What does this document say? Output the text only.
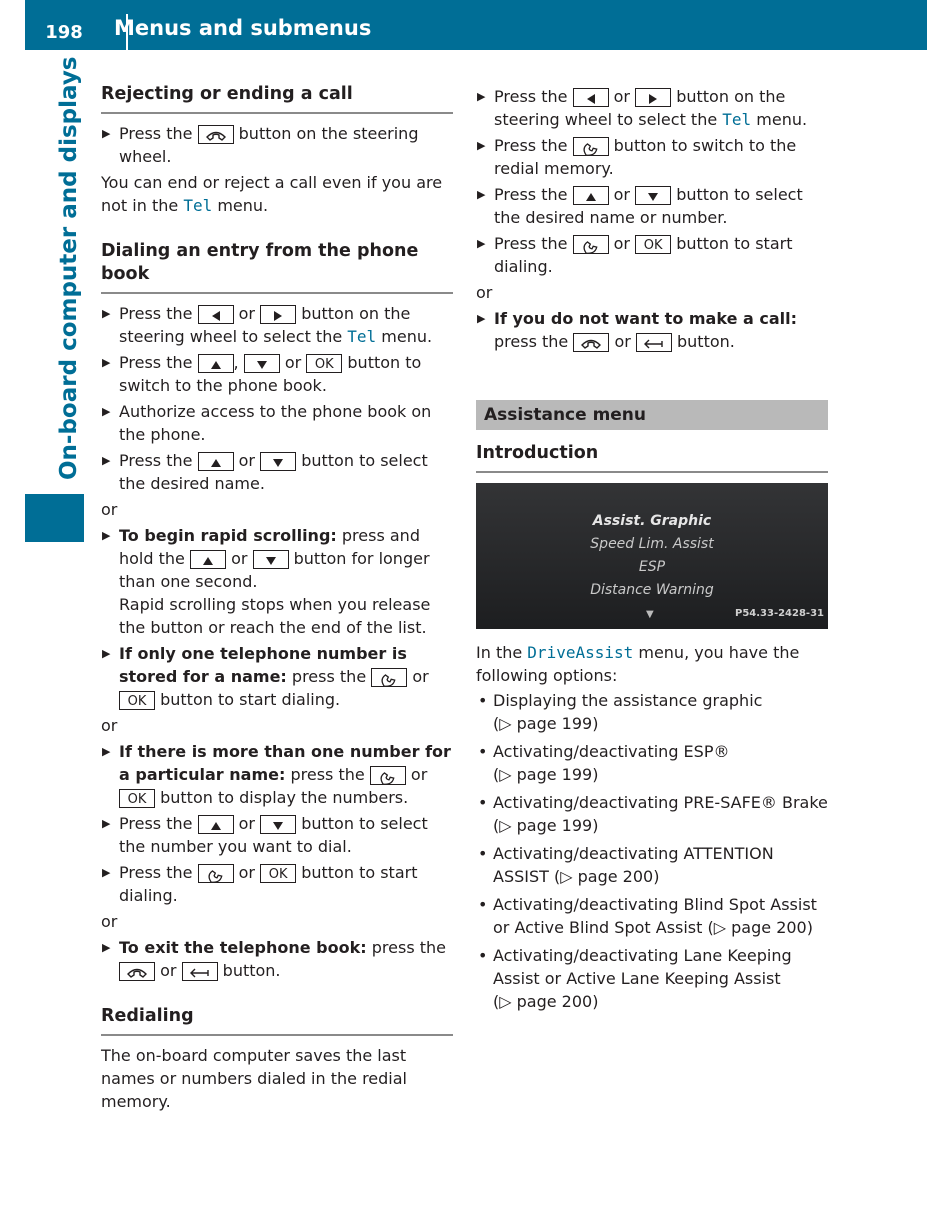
198	Menus and submenus
On-board computer and displays Rejecting or ending a call
▶ Press the	button on the steering wheel.

You can end or reject a call even if you are not in the Tel menu.

Dialing an entry from the phone book
▶ Press the	or	button on the steering wheel to select the Tel menu.
▶ Press the	,	or OK button to switch to the phone book.
▶ Authorize access to the phone book on the phone.
▶ Press the	or	button to select the desired name.
or
▶ To begin rapid scrolling: press and hold the	or	button for longer than one second.
Rapid scrolling stops when you release the button or reach the end of the list.
▶ If only one telephone number is stored for a name: press the	or OK button to start dialing.
or
▶ If there is more than one number for a particular name: press the	or OK button to display the numbers.
▶ Press the	or	button to select the number you want to dial.
▶ Press the	or OK button to start dialing.
or
▶ To exit the telephone book: press the  or	button.
Redialing

The on-board computer saves the last names or numbers dialed in the redial memory.

▶ Press the	or	button on the steering wheel to select the Tel menu.
▶ Press the	button to switch to the redial memory.
▶ Press the	or	button to select the desired name or number.
▶ Press the	or OK button to start dialing.
or
▶ If you do not want to make a call: press the	or	button.
Assistance menu
Introduction
Assist. Graphic
Speed Lim. Assist
ESP
Distance Warning
▼	P54.33-2428-31

In the DriveAssist menu, you have the following options:

• Displaying the assistance graphic
(▷ page 199)
• Activating/deactivating ESP®
(▷ page 199)
• Activating/deactivating PRE-SAFE® Brake
(▷ page 199)
• Activating/deactivating ATTENTION ASSIST (▷ page 200)
• Activating/deactivating Blind Spot Assist or Active Blind Spot Assist (▷ page 200)
• Activating/deactivating Lane Keeping Assist or Active Lane Keeping Assist
(▷ page 200)
